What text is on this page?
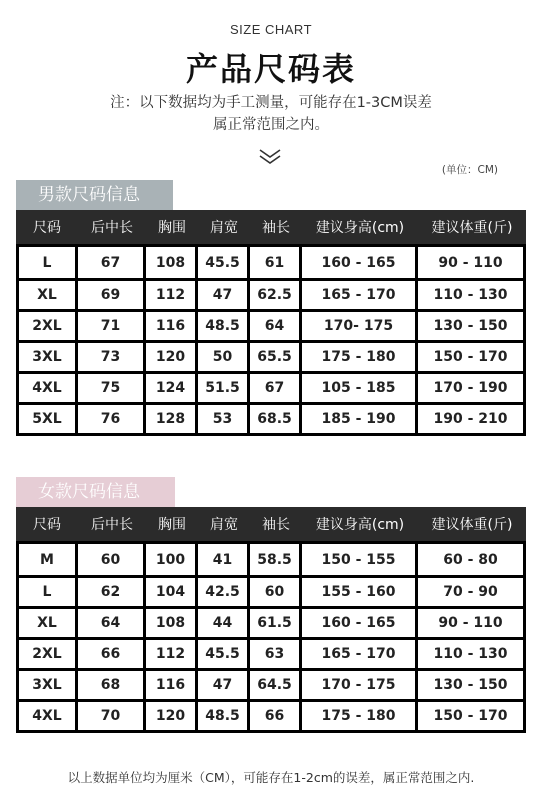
SIZE CHART
产品尺码表
注：以下数据均为手工测量，可能存在1-3CM误差
属正常范围之内。
(单位：CM)
男款尺码信息
尺码	后中长	胸围	肩宽	袖长	建议身高(cm)	建议体重(斤)
L	67	108	45.5	61	160 - 165	90 - 110
XL	69	112	47	62.5	165 - 170	110 - 130
2XL	71	116	48.5	64	170- 175	130 - 150
3XL	73	120	50	65.5	175 - 180	150 - 170
4XL	75	124	51.5	67	105 - 185	170 - 190
5XL	76	128	53	68.5	185 - 190	190 - 210
女款尺码信息
尺码	后中长	胸围	肩宽	袖长	建议身高(cm)	建议体重(斤)
M	60	100	41	58.5	150 - 155	60 - 80
L	62	104	42.5	60	155 - 160	70 - 90
XL	64	108	44	61.5	160 - 165	90 - 110
2XL	66	112	45.5	63	165 - 170	110 - 130
3XL	68	116	47	64.5	170 - 175	130 - 150
4XL	70	120	48.5	66	175 - 180	150 - 170
以上数据单位均为厘米（CM），可能存在1-2cm的误差，属正常范围之内.
